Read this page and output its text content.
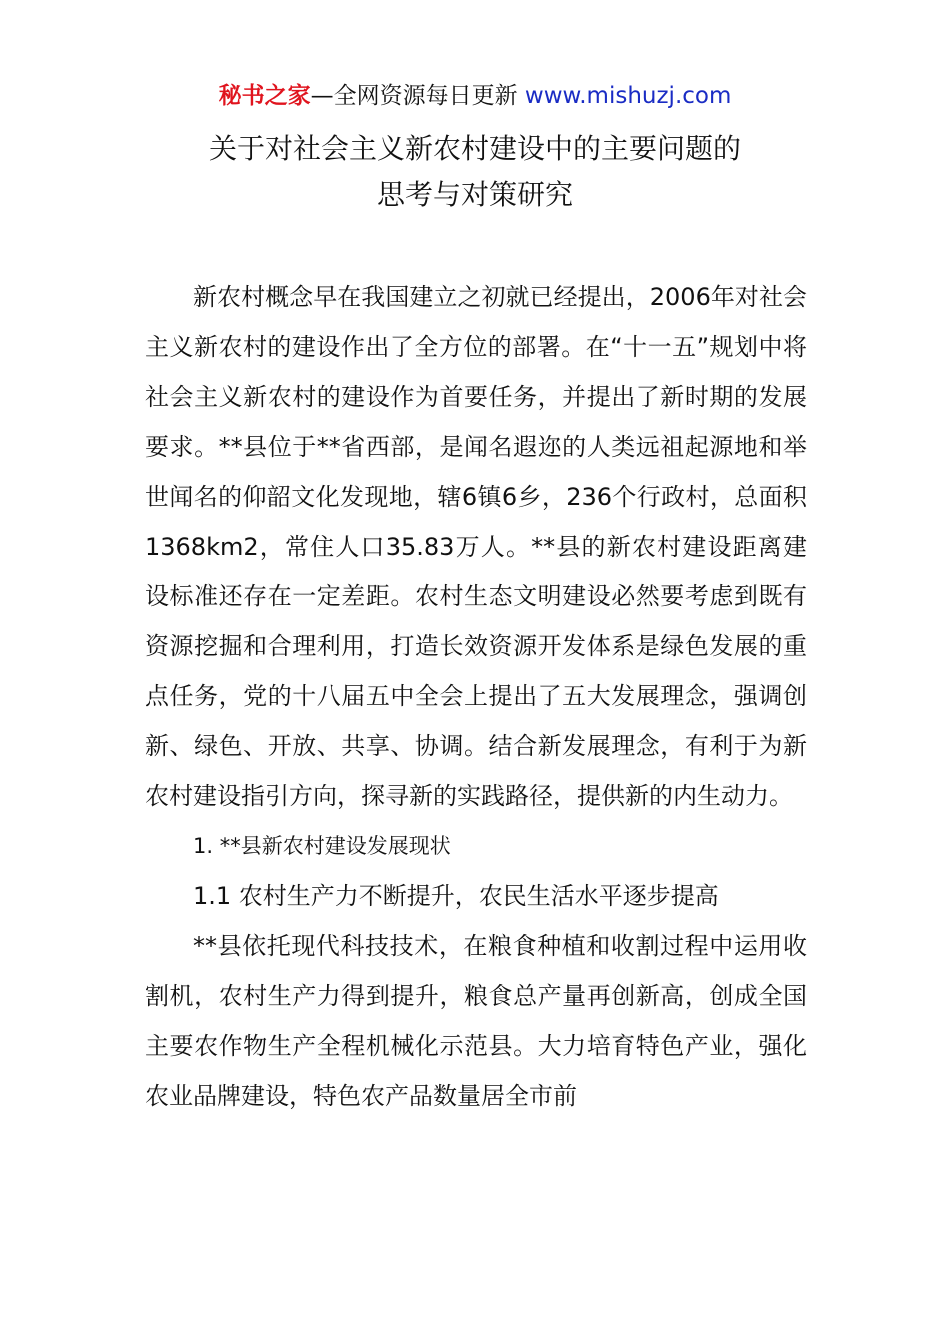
秘书之家—全网资源每日更新 www.mishuzj.com
关于对社会主义新农村建设中的主要问题的
思考与对策研究

新农村概念早在我国建立之初就已经提出，2006年对社会主义新农村的建设作出了全方位的部署。在“十一五”规划中将社会主义新农村的建设作为首要任务，并提出了新时期的发展要求。**县位于**省西部，是闻名遐迩的人类远祖起源地和举世闻名的仰韶文化发现地，辖6镇6乡，236个行政村，总面积1368km2，常住人口35.83万人。**县的新农村建设距离建设标准还存在一定差距。农村生态文明建设必然要考虑到既有资源挖掘和合理利用，打造长效资源开发体系是绿色发展的重点任务，党的十八届五中全会上提出了五大发展理念，强调创新、绿色、开放、共享、协调。结合新发展理念，有利于为新农村建设指引方向，探寻新的实践路径，提供新的内生动力。

1. **县新农村建设发展现状

1.1 农村生产力不断提升，农民生活水平逐步提高

**县依托现代科技技术，在粮食种植和收割过程中运用收割机，农村生产力得到提升，粮食总产量再创新高，创成全国主要农作物生产全程机械化示范县。大力培育特色产业，强化农业品牌建设，特色农产品数量居全市前
